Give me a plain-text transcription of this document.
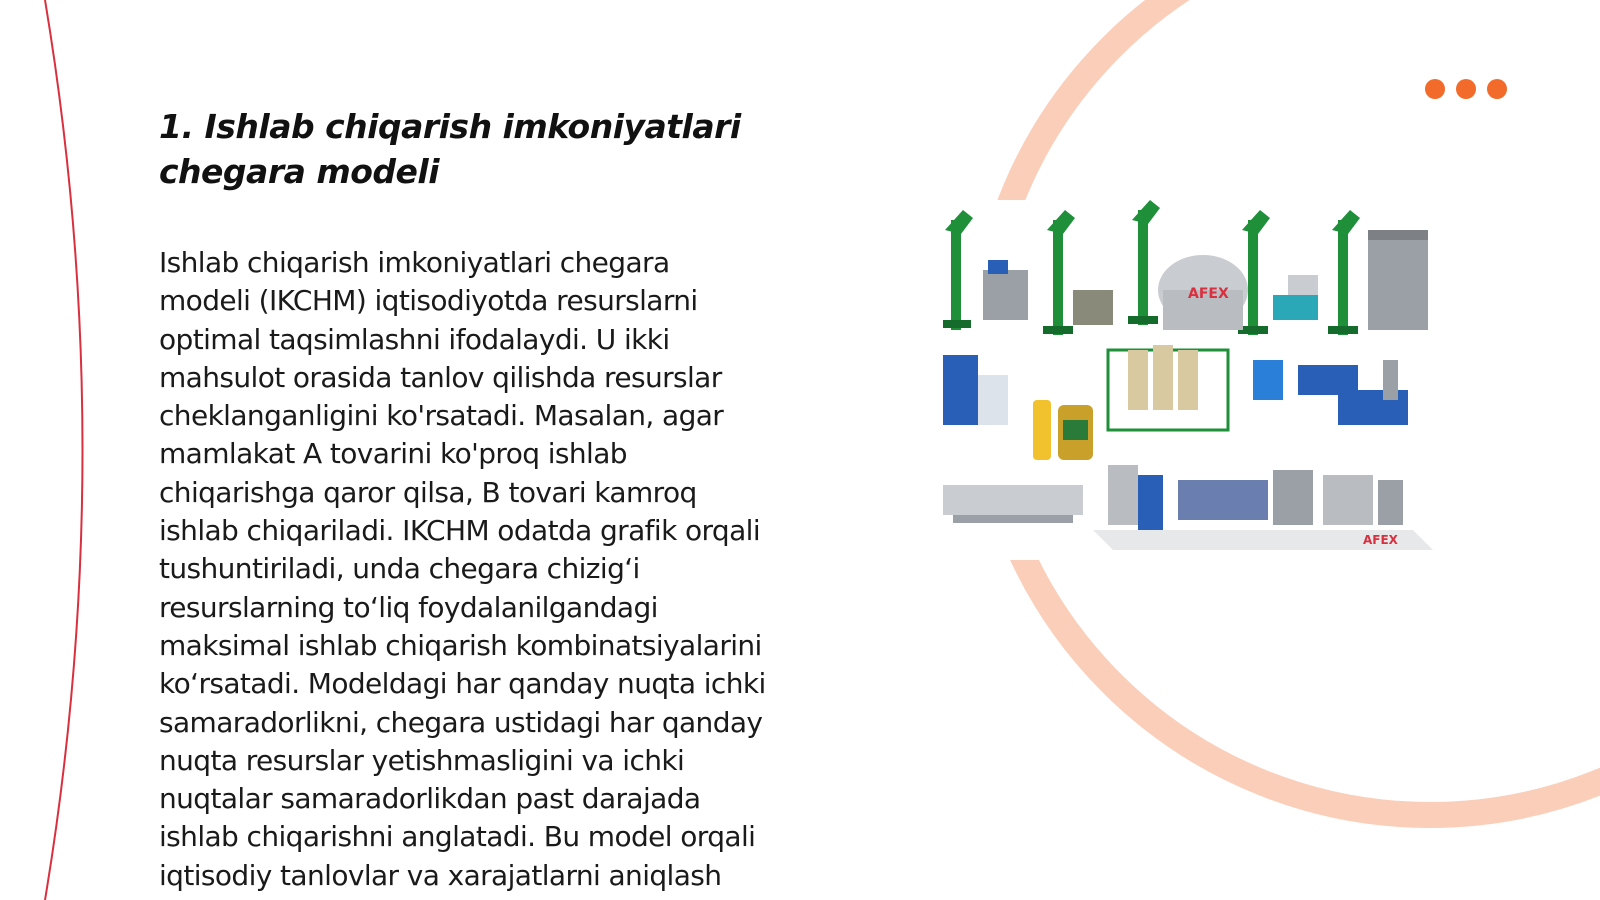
1. Ishlab chiqarish imkoniyatlari chegara modeli

Ishlab chiqarish imkoniyatlari chegara
modeli (IKCHM) iqtisodiyotda resurslarni
optimal taqsimlashni ifodalaydi. U ikki
mahsulot orasida tanlov qilishda resurslar
cheklanganligini ko'rsatadi. Masalan, agar
mamlakat A tovarini ko'proq ishlab
chiqarishga qaror qilsa, B tovari kamroq
ishlab chiqariladi. IKCHM odatda grafik orqali
tushuntiriladi, unda chegara chizig‘i
resurslarning to‘liq foydalanilgandagi
maksimal ishlab chiqarish kombinatsiyalarini
ko‘rsatadi. Modeldagi har qanday nuqta ichki
samaradorlikni, chegara ustidagi har qanday
nuqta resurslar yetishmasligini va ichki
nuqtalar samaradorlikdan past darajada
ishlab chiqarishni anglatadi. Bu model orqali
iqtisodiy tanlovlar va xarajatlarni aniqlash

AFEX
AFEX
